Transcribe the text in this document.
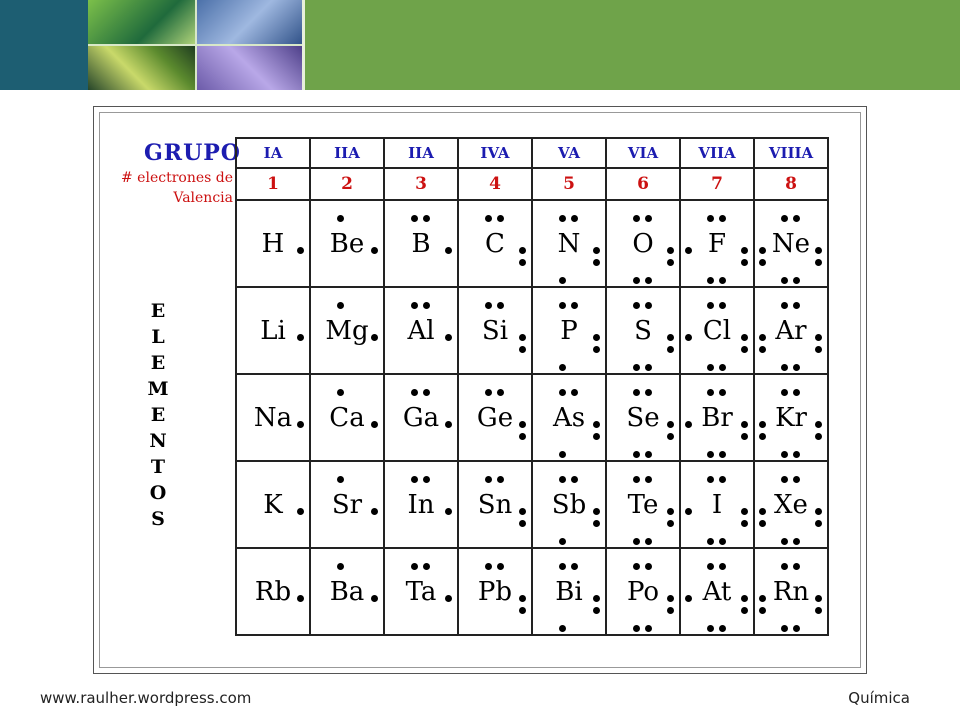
GRUPO
# electrones de
Valencia
E
L
E
M
E
N
T
O
S
IA	IIA	IIA	IVA	VA	VIA	VIIA	VIIIA
1	2	3	4	5	6	7	8

H	Be	B	C	N	O	F	Ne

Li	Mg	Al	Si	P	S	Cl	Ar

Na	Ca	Ga	Ge	As	Se	Br	Kr

K	Sr	In	Sn	Sb	Te	I	Xe

Rb	Ba	Ta	Pb	Bi	Po	At	Rn
www.raulher.wordpress.com	Química
